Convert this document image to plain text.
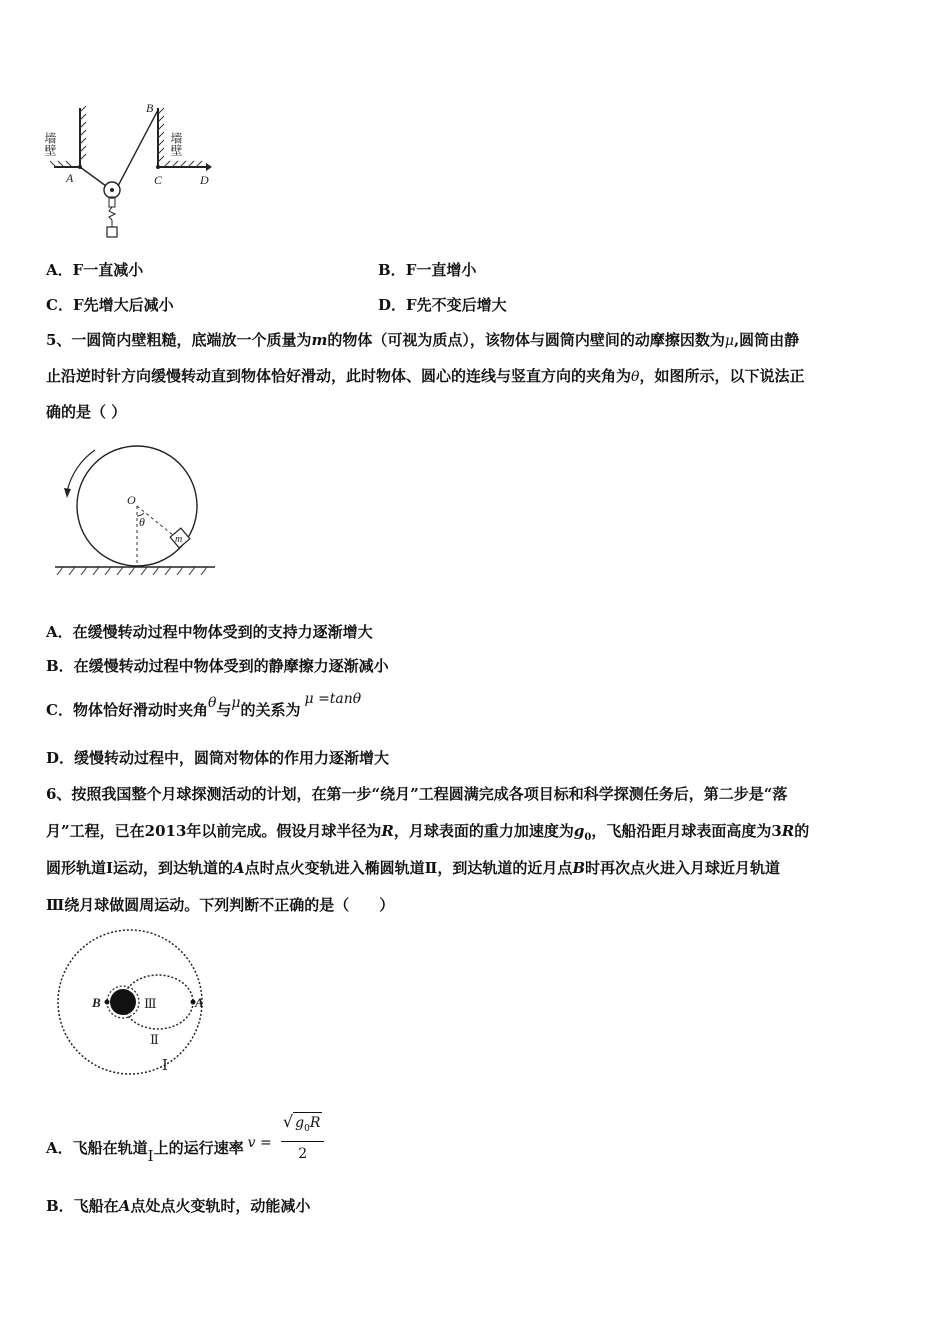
墙壁	墙壁
A
B
C	D
A．F一直减小	B．F一直增小
C．F先增大后减小	D．F先不变后增大
5、一圆筒内壁粗糙，底端放一个质量为m的物体（可视为质点），该物体与圆筒内壁间的动摩擦因数为μ,圆筒由静
止沿逆时针方向缓慢转动直到物体恰好滑动，此时物体、圆心的连线与竖直方向的夹角为θ，如图所示，以下说法正
确的是（ ）
O
θ
m
A．在缓慢转动过程中物体受到的支持力逐渐增大
B．在缓慢转动过程中物体受到的静摩擦力逐渐减小
C．物体恰好滑动时夹角θ与μ的关系为μ =tanθ
D．缓慢转动过程中，圆筒对物体的作用力逐渐增大
6、按照我国整个月球探测活动的计划，在第一步“绕月”工程圆满完成各项目标和科学探测任务后，第二步是“落
月”工程，已在2013年以前完成。假设月球半径为R，月球表面的重力加速度为$g_0$，飞船沿距月球表面高度为3R的
圆形轨道Ⅰ运动，到达轨道的A点时点火变轨进入椭圆轨道Ⅱ，到达轨道的近月点B时再次点火进入月球近月轨道
Ⅲ绕月球做圆周运动。下列判断不正确的是（　　）
B	A
Ⅲ
Ⅱ
I
A．飞船在轨道I上的运行速率 $v = \frac{√ g_0R}{2}$
B．飞船在A点处点火变轨时，动能减小
